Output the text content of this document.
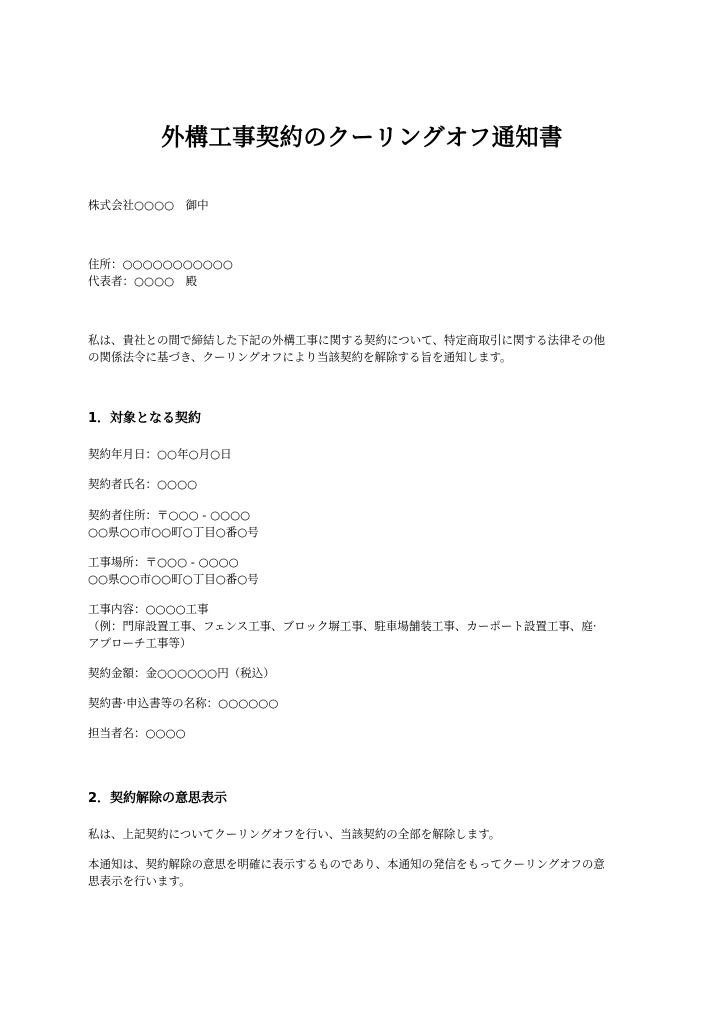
外構工事契約のクーリングオフ通知書
株式会社○○○○　御中
住所：○○○○○○○○○○○
代表者：○○○○　殿
私は、貴社との間で締結した下記の外構工事に関する契約について、特定商取引に関する法律その他
の関係法令に基づき、クーリングオフにより当該契約を解除する旨を通知します。
1．対象となる契約
契約年月日：○○年○月○日
契約者氏名：○○○○
契約者住所：〒○○○ - ○○○○
○○県○○市○○町○丁目○番○号
工事場所：〒○○○ - ○○○○
○○県○○市○○町○丁目○番○号
工事内容：○○○○工事
（例：門扉設置工事、フェンス工事、ブロック塀工事、駐車場舗装工事、カーポート設置工事、庭·
アプローチ工事等）
契約金額：金○○○○○○円（税込）
契約書·申込書等の名称：○○○○○○
担当者名：○○○○
2．契約解除の意思表示
私は、上記契約についてクーリングオフを行い、当該契約の全部を解除します。
本通知は、契約解除の意思を明確に表示するものであり、本通知の発信をもってクーリングオフの意
思表示を行います。
